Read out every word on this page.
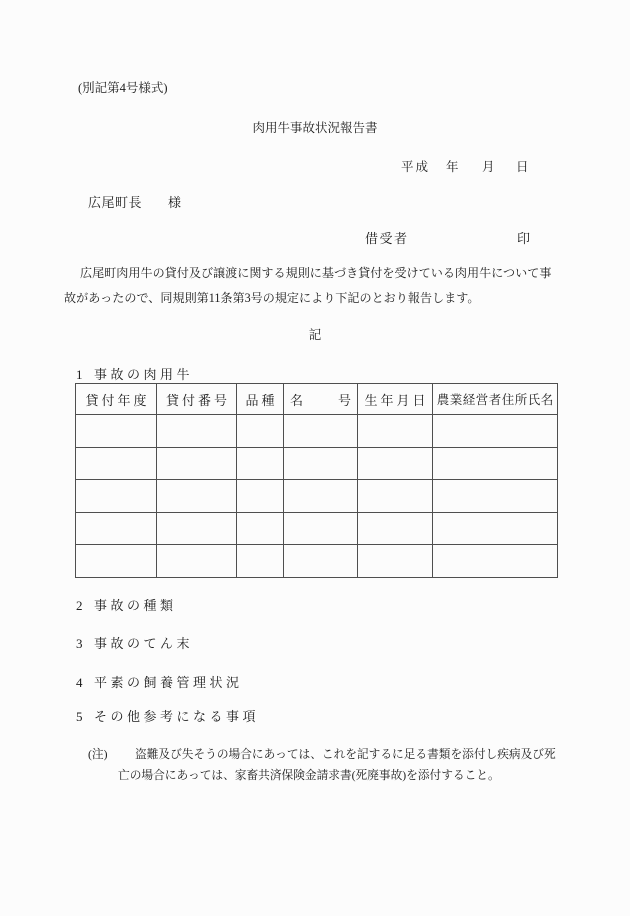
(別記第4号様式)
肉用牛事故状況報告書
平成 年 月 日
広尾町長 様
借受者	印
広尾町肉用牛の貸付及び譲渡に関する規則に基づき貸付を受けている肉用牛について事
故があったので、同規則第11条第3号の規定により下記のとおり報告します。
記
1 事故の肉用牛
貸付年度	貸付番号	品種	名　　号	生年月日	農業経営者住所氏名

2 事故の種類
3 事故のてん末
4 平素の飼養管理状況
5 その他参考になる事項
(注) 盗難及び失そうの場合にあっては、これを記するに足る書類を添付し疾病及び死
亡の場合にあっては、家畜共済保険金請求書(死廃事故)を添付すること。
